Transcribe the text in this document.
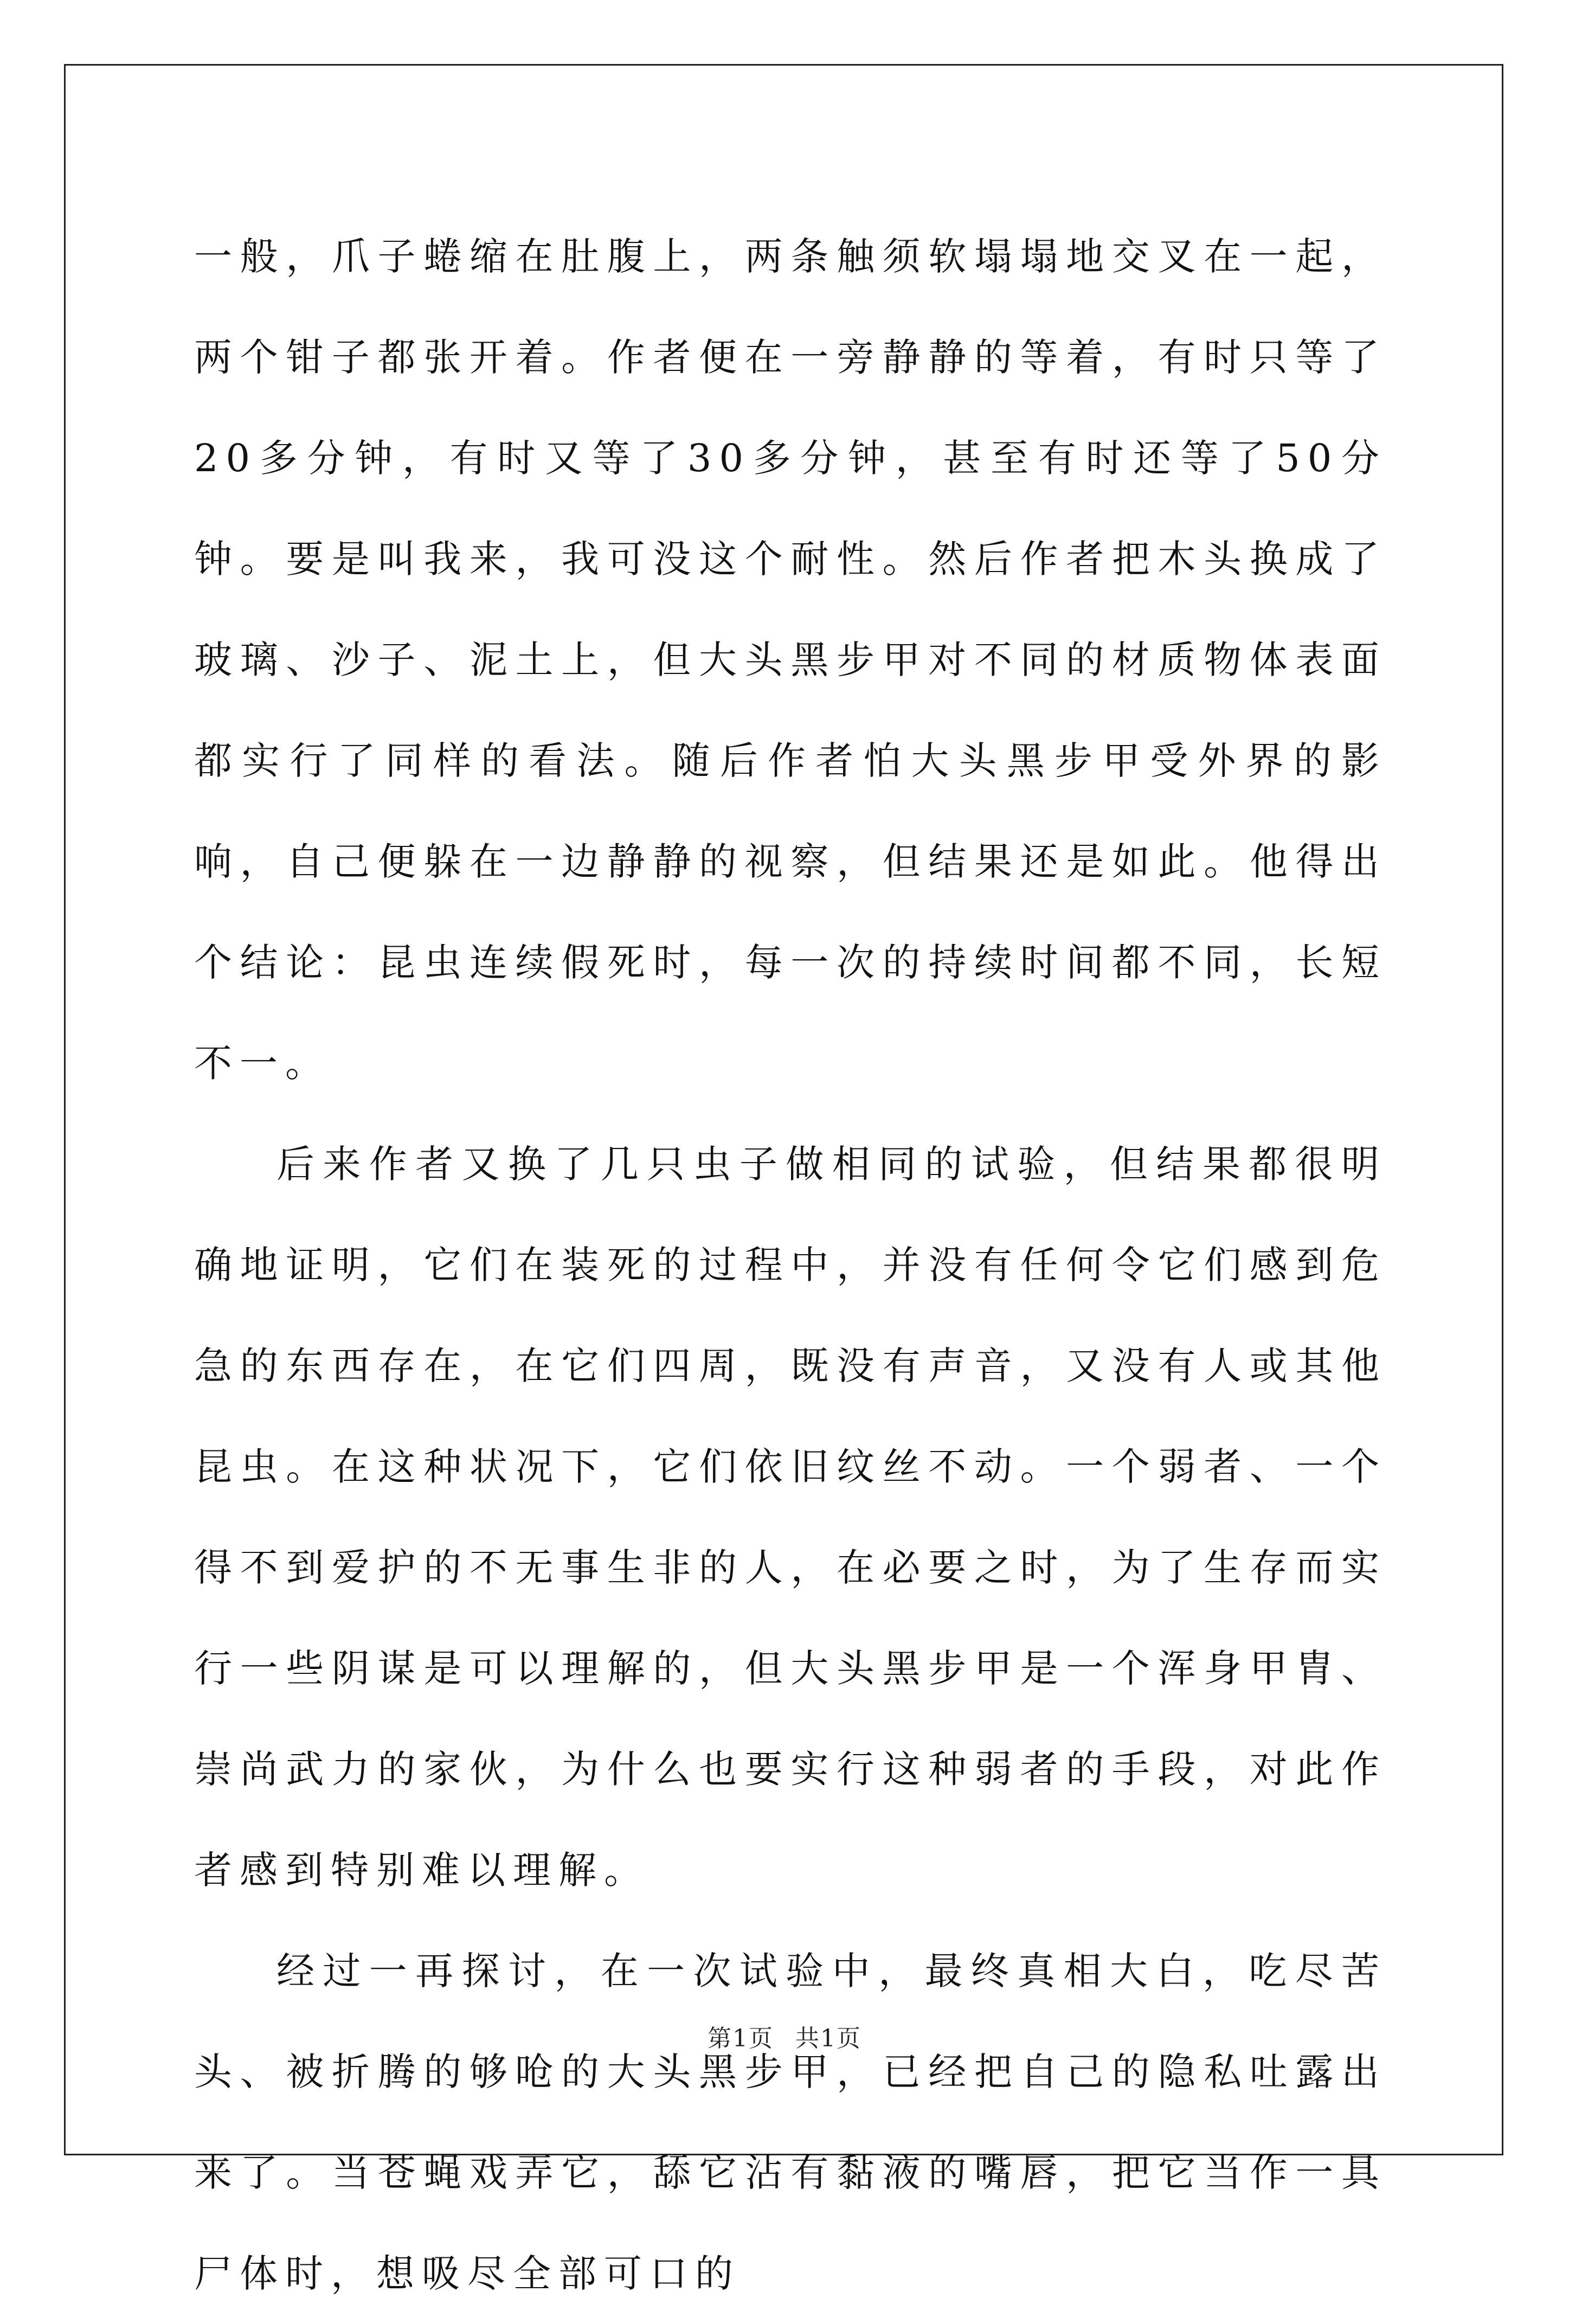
一般，爪子蜷缩在肚腹上，两条触须软塌塌地交叉在一起，两个钳子都张开着。作者便在一旁静静的等着，有时只等了20多分钟，有时又等了30多分钟，甚至有时还等了50分钟。要是叫我来，我可没这个耐性。然后作者把木头换成了玻璃、沙子、泥土上，但大头黑步甲对不同的材质物体表面都实行了同样的看法。随后作者怕大头黑步甲受外界的影响，自己便躲在一边静静的视察，但结果还是如此。他得出个结论：昆虫连续假死时，每一次的持续时间都不同，长短不一。

后来作者又换了几只虫子做相同的试验，但结果都很明确地证明，它们在装死的过程中，并没有任何令它们感到危急的东西存在，在它们四周，既没有声音，又没有人或其他昆虫。在这种状况下，它们依旧纹丝不动。一个弱者、一个得不到爱护的不无事生非的人，在必要之时，为了生存而实行一些阴谋是可以理解的，但大头黑步甲是一个浑身甲胄、崇尚武力的家伙，为什么也要实行这种弱者的手段，对此作者感到特别难以理解。

经过一再探讨，在一次试验中，最终真相大白，吃尽苦头、被折腾的够呛的大头黑步甲，已经把自己的隐私吐露出来了。当苍蝇戏弄它，舔它沾有黏液的嘴唇，把它当作一具尸体时，想吸尽全部可口的

第1页 共1页
